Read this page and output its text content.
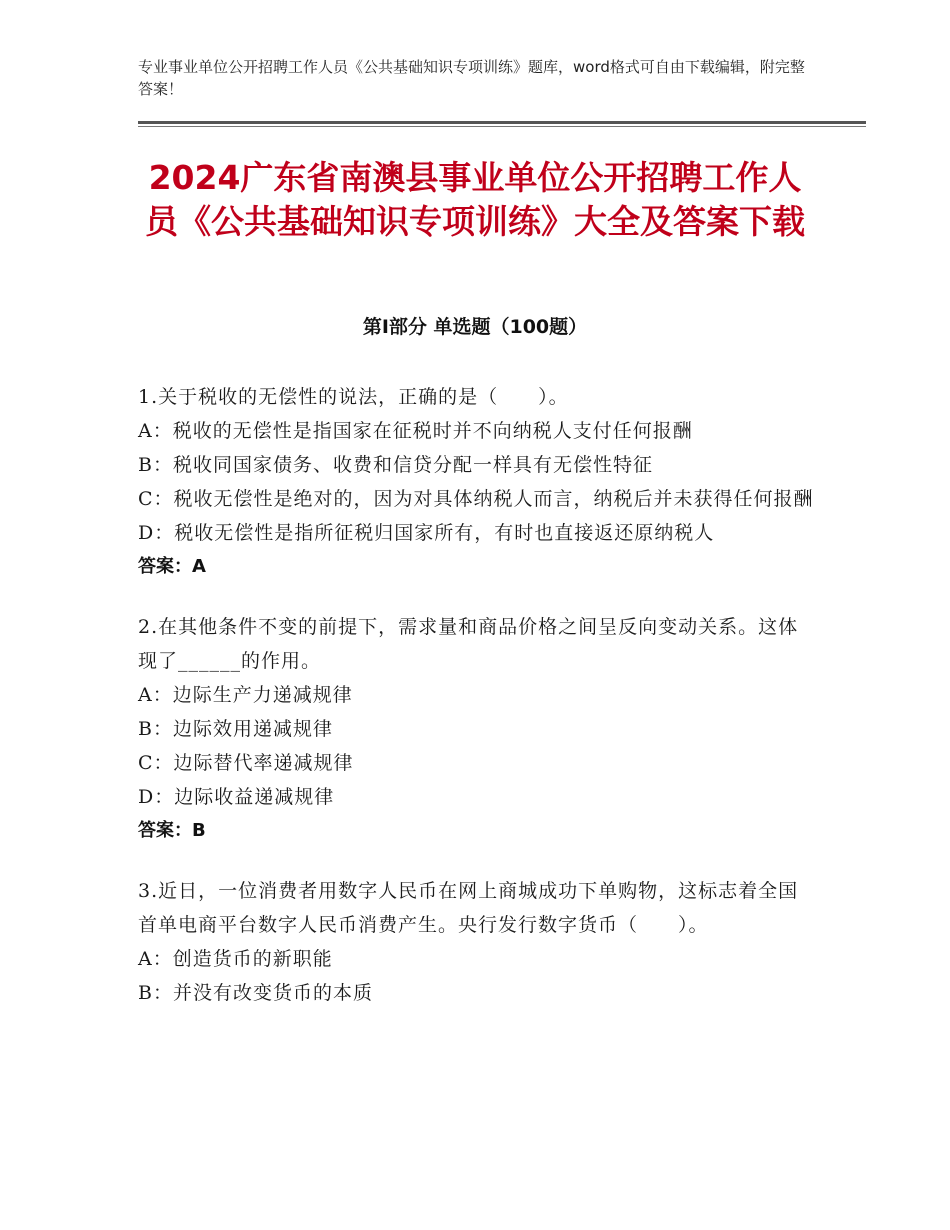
专业事业单位公开招聘工作人员《公共基础知识专项训练》题库，word格式可自由下载编辑，附完整答案！
2024广东省南澳县事业单位公开招聘工作人员《公共基础知识专项训练》大全及答案下载
第Ⅰ部分 单选题（100题）
1.关于税收的无偿性的说法，正确的是（　　）。
A：税收的无偿性是指国家在征税时并不向纳税人支付任何报酬
B：税收同国家债务、收费和信贷分配一样具有无偿性特征
C：税收无偿性是绝对的，因为对具体纳税人而言，纳税后并未获得任何报酬
D：税收无偿性是指所征税归国家所有，有时也直接返还原纳税人
答案：A
2.在其他条件不变的前提下，需求量和商品价格之间呈反向变动关系。这体现了______的作用。
A：边际生产力递减规律
B：边际效用递减规律
C：边际替代率递减规律
D：边际收益递减规律
答案：B
3.近日，一位消费者用数字人民币在网上商城成功下单购物，这标志着全国首单电商平台数字人民币消费产生。央行发行数字货币（　　）。
A：创造货币的新职能
B：并没有改变货币的本质
